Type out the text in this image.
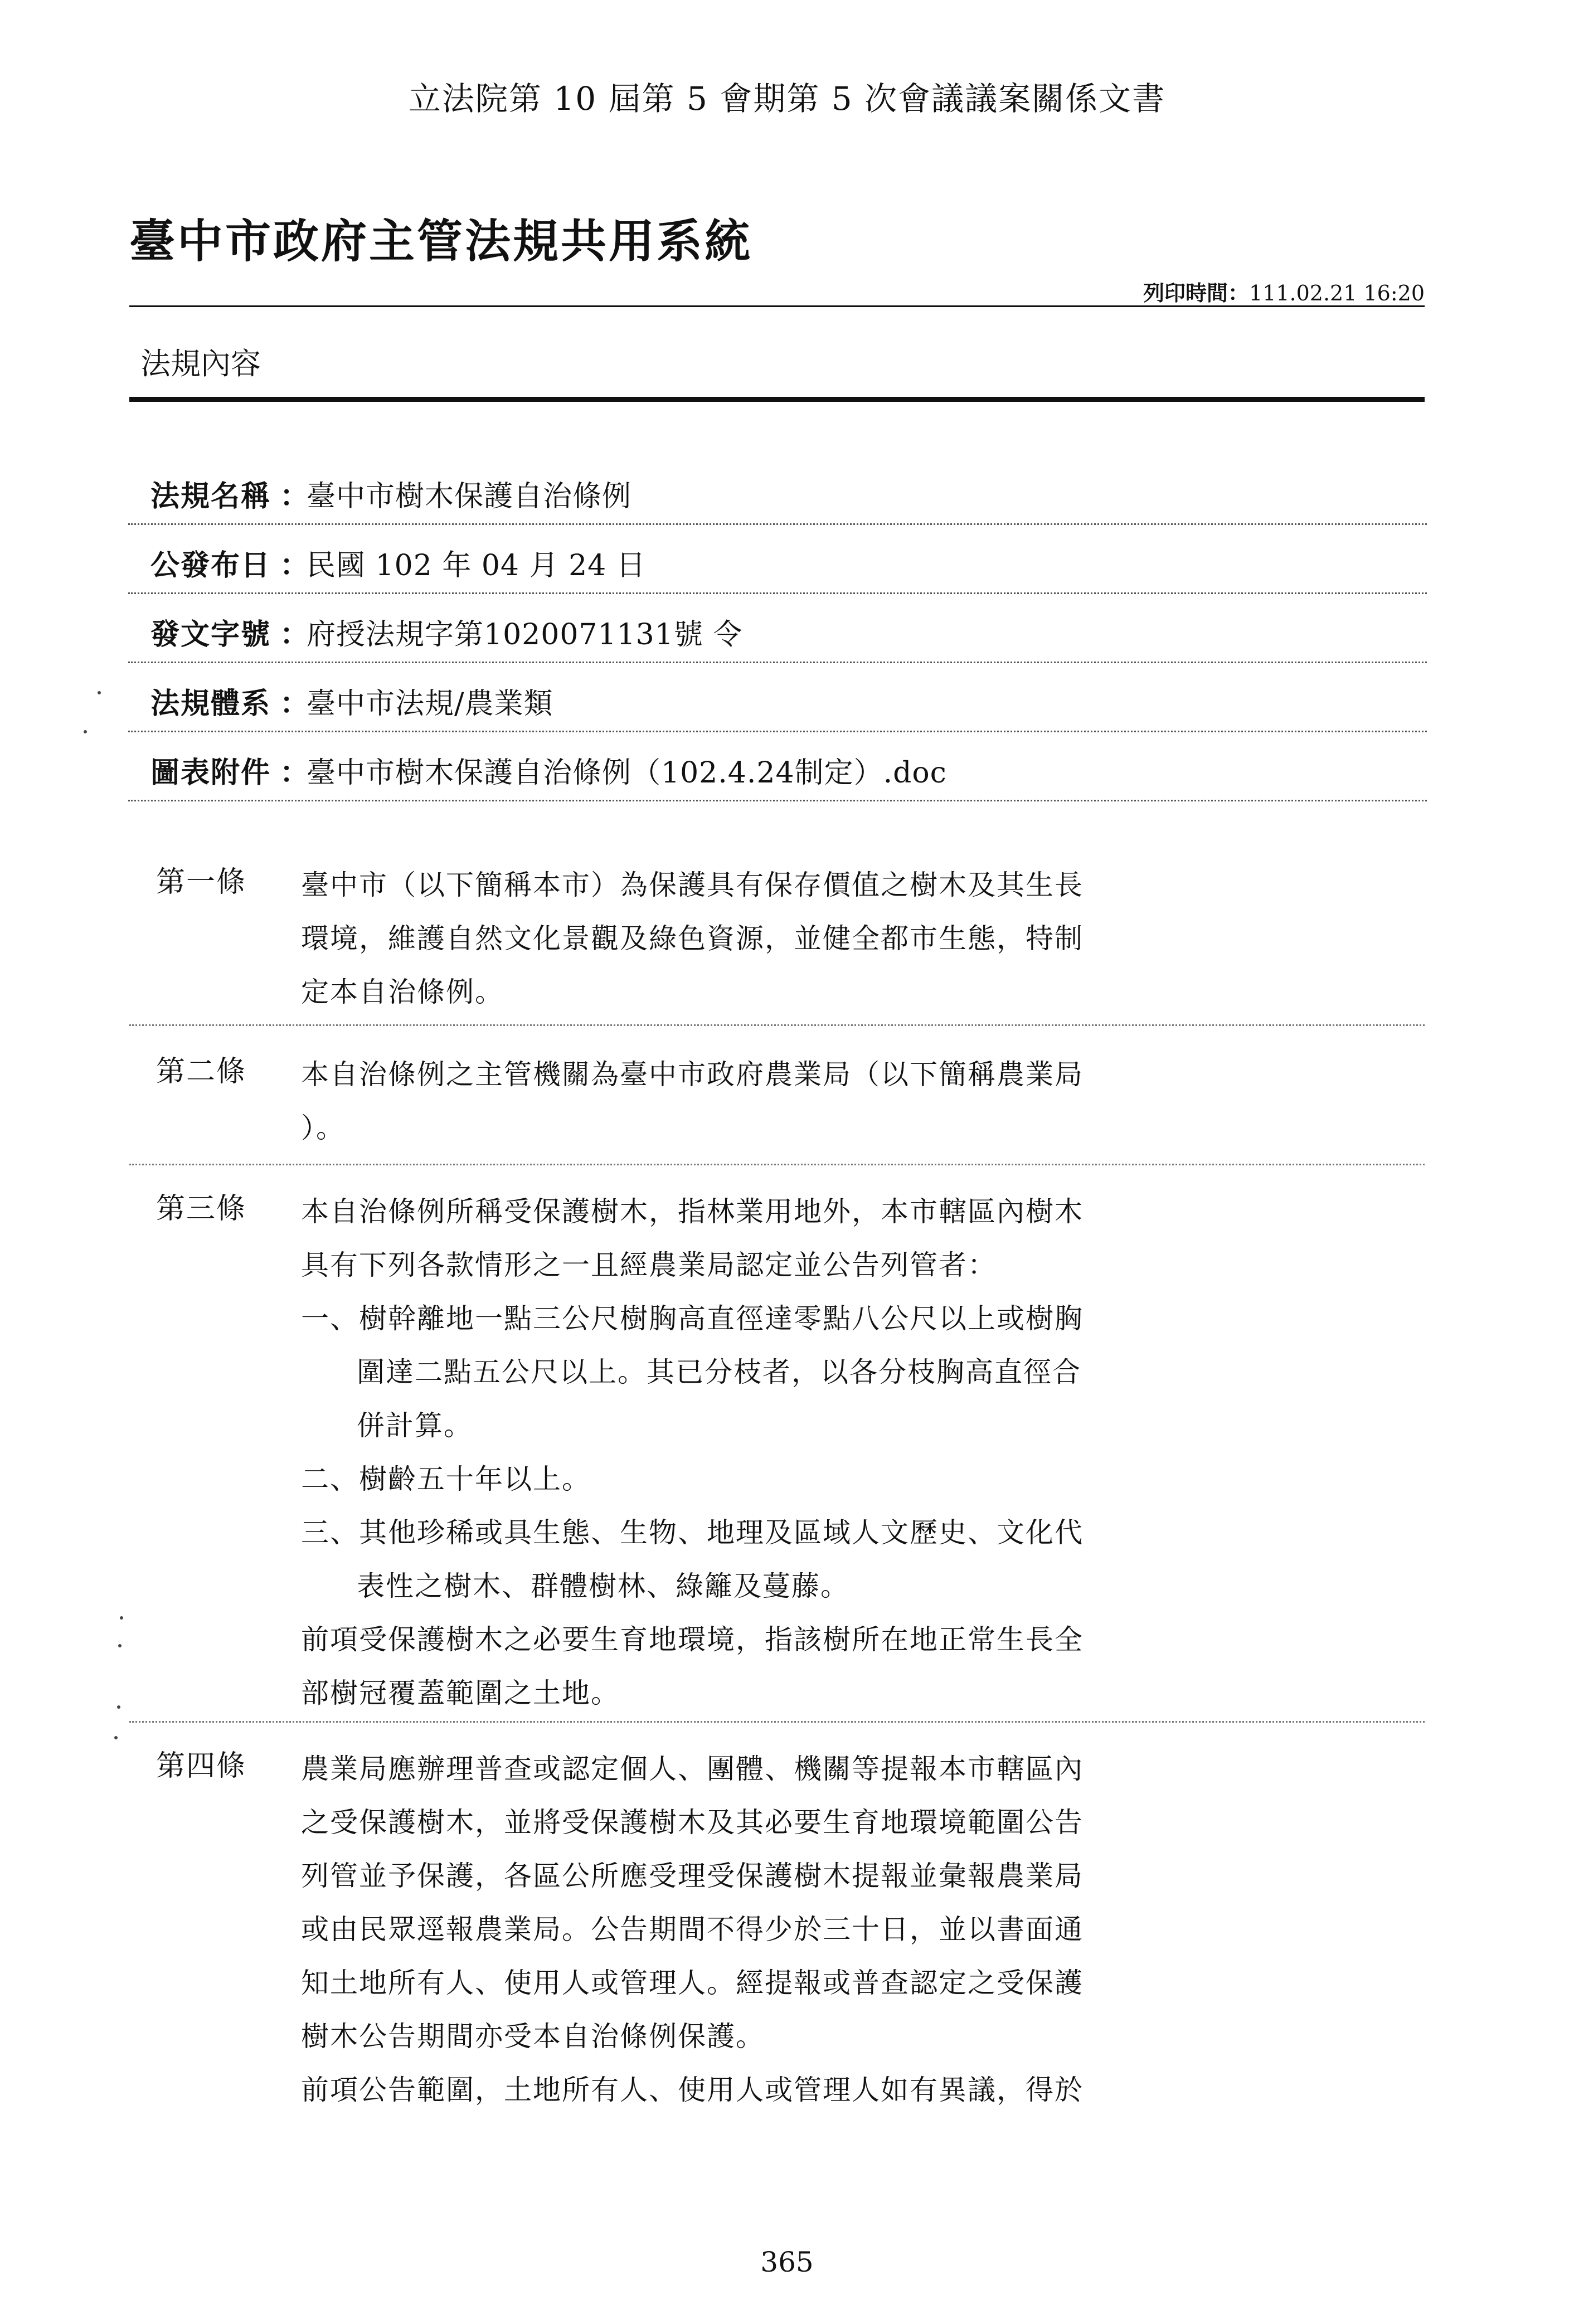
立法院第 10 屆第 5 會期第 5 次會議議案關係文書
臺中市政府主管法規共用系統
列印時間：111.02.21 16:20
法規內容
法規名稱 ：
臺中市樹木保護自治條例
公發布日 ：
民國 102 年 04 月 24 日
發文字號 ：
府授法規字第1020071131號 令
法規體系 ：
臺中市法規/農業類
圖表附件 ：
臺中市樹木保護自治條例（102.4.24制定）.doc
第一條 臺中市（以下簡稱本市）為保護具有保存價值之樹木及其生長

環境，維護自然文化景觀及綠色資源，並健全都市生態，特制

定本自治條例。

第二條 本自治條例之主管機關為臺中市政府農業局（以下簡稱農業局

）。

第三條 本自治條例所稱受保護樹木，指林業用地外，本市轄區內樹木

具有下列各款情形之一且經農業局認定並公告列管者：

一、樹幹離地一點三公尺樹胸高直徑達零點八公尺以上或樹胸

圍達二點五公尺以上。其已分枝者，以各分枝胸高直徑合

併計算。

二、樹齡五十年以上。

三、其他珍稀或具生態、生物、地理及區域人文歷史、文化代

表性之樹木、群體樹林、綠籬及蔓藤。

前項受保護樹木之必要生育地環境，指該樹所在地正常生長全

部樹冠覆蓋範圍之土地。

第四條 農業局應辦理普查或認定個人、團體、機關等提報本市轄區內

之受保護樹木，並將受保護樹木及其必要生育地環境範圍公告

列管並予保護，各區公所應受理受保護樹木提報並彙報農業局

或由民眾逕報農業局。公告期間不得少於三十日，並以書面通

知土地所有人、使用人或管理人。經提報或普查認定之受保護

樹木公告期間亦受本自治條例保護。

前項公告範圍，土地所有人、使用人或管理人如有異議，得於

365
